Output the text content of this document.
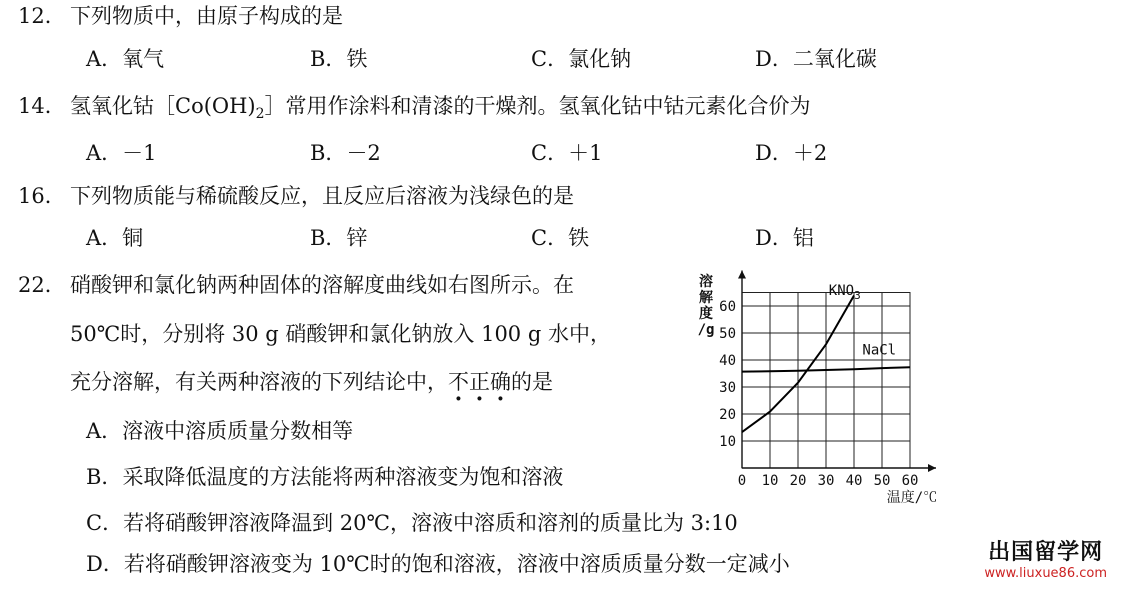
12． 下列物质中，由原子构成的是
A．氧气	B．铁	C．氯化钠	D．二氧化碳
14． 氢氧化钴$[Co(OH)_2]$常用作涂料和清漆的干燥剂。氢氧化钴中钴元素化合价为
A．－1	B．－2	C．＋1	D．＋2
16． 下列物质能与稀硫酸反应，且反应后溶液为浅绿色的是
A．铜	B．锌	C．铁	D．铝
22． 硝酸钾和氯化钠两种固体的溶解度曲线如右图所示。在
50℃时，分别将 30 g 硝酸钾和氯化钠放入 100 g 水中，
充分溶解，有关两种溶液的下列结论中，不正确的是
A．溶液中溶质质量分数相等
B．采取降低温度的方法能将两种溶液变为饱和溶液
C．若将硝酸钾溶液降温到 20℃，溶液中溶质和溶剂的质量比为 3:10
D．若将硝酸钾溶液变为 10℃时的饱和溶液，溶液中溶质质量分数一定减小
0 10 20 30 40 50 60
10
20
30
40
50
60
溶
解
度
/g
温度/℃
$KNO_3$
NaCl
出国留学网
www.liuxue86.com
